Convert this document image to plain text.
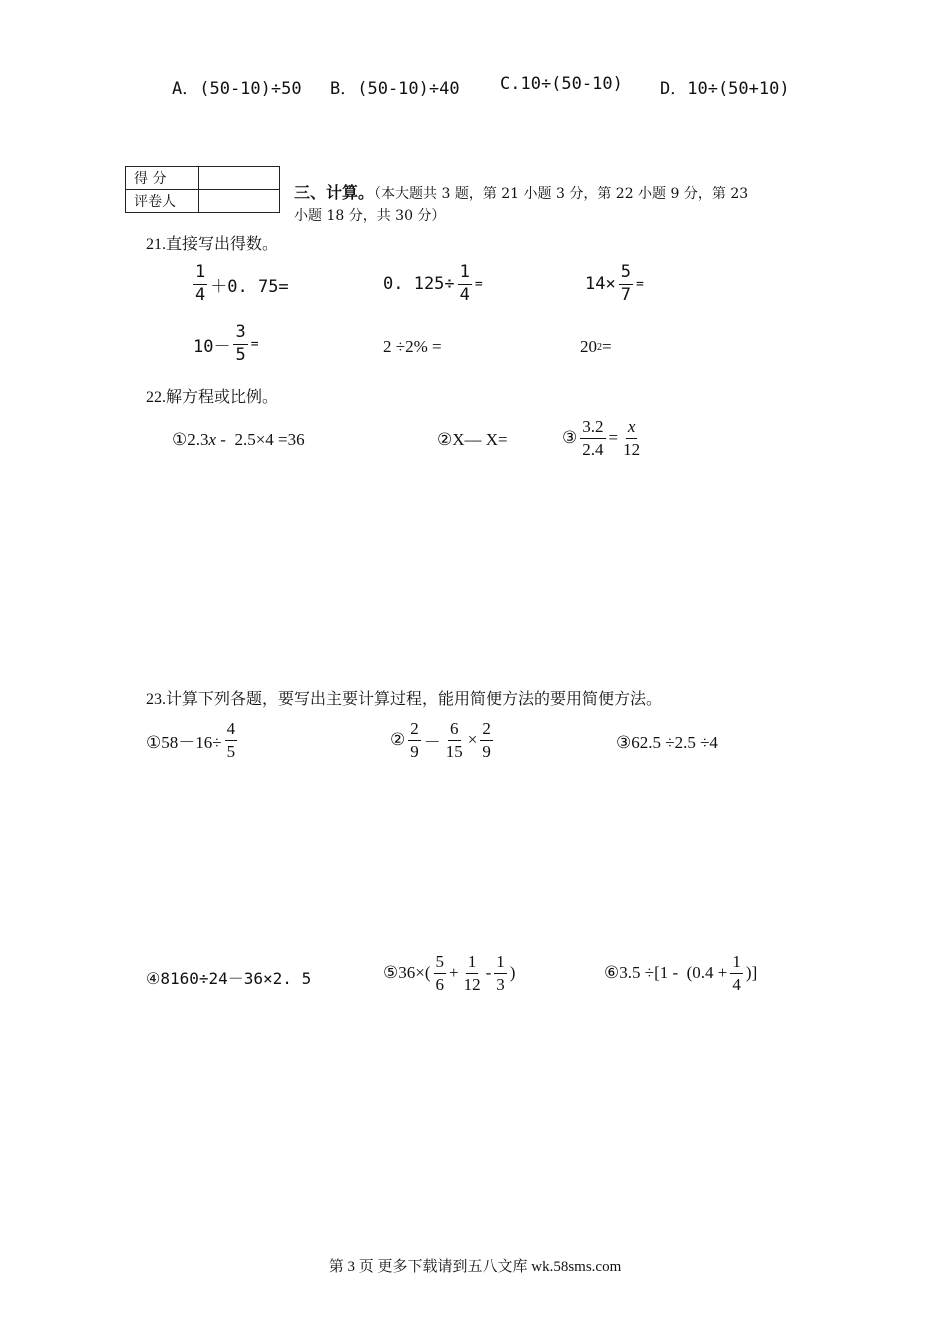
A．(50-10)÷50 B．(50-10)÷40 C.10÷(50-10) D．10÷(50+10)
得 分	
评卷人		三、计算。（本大题共 3 题，第 21 小题 3 分，第 22 小题 9 分，第 23
小题 18 分，共 30 分）
21.直接写出得数。
$\frac{1}{4} +0$. 75=	0. $125\div \frac{1}{4}$ =	$14\times \frac{5}{7}$ =
$10- \frac{3}{5}$ =	2 ÷2% =	20 2 =
22.解方程或比例。
① 2.3 x -  2.5×4 =36	②X— X=	③ $\frac{3.2}{2.4} = \frac{x}{12}$
23.计算下列各题，要写出主要计算过程，能用简便方法的要用简便方法。
①58－16÷ $\frac{4}{5}$	② $\frac{2}{9} - \frac{6}{15} \times \frac{2}{9}$	③62.5 ÷2.5 ÷4
④8160÷24－36×2. 5	⑤36×( $\frac{5}{6} + \frac{1}{12} - \frac{1}{3}$ )	⑥3.5 $\div[1 - (0.4 + \frac{1}{4}$ )]
第 3 页 更多下载请到五八文库 wk.58sms.com
